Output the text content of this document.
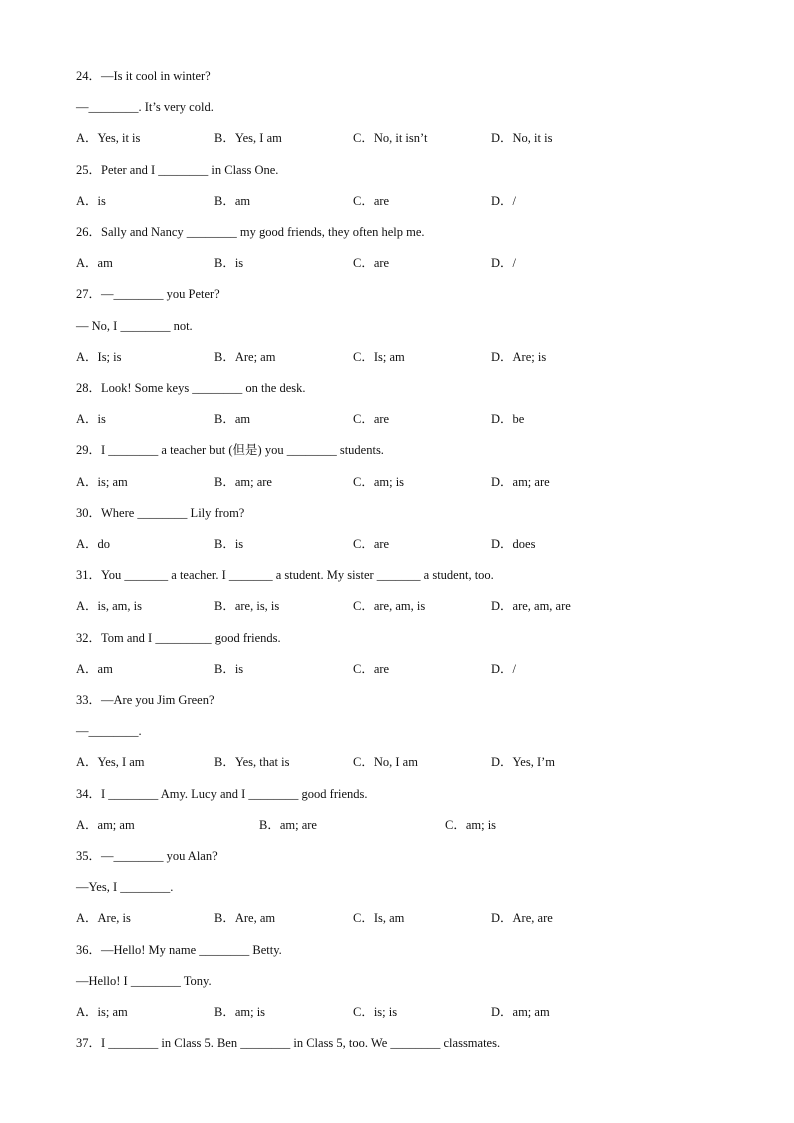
24．—Is it cool in winter?
—________. It’s very cold.
A．Yes, it is	B．Yes, I am	C．No, it isn’t	D．No, it is
25．Peter and I ________ in Class One.
A．is	B．am	C．are	D．/
26．Sally and Nancy ________ my good friends, they often help me.
A．am	B．is	C．are	D．/
27．—________ you Peter?
— No, I ________ not.
A．Is; is	B．Are; am	C．Is; am	D．Are; is
28．Look! Some keys ________ on the desk.
A．is	B．am	C．are	D．be
29．I ________ a teacher but (但是) you ________ students.
A．is; am	B．am; are	C．am; is	D．am; are
30．Where ________ Lily from?
A．do	B．is	C．are	D．does
31．You _______ a teacher. I _______ a student. My sister _______ a student, too.
A．is, am, is	B．are, is, is	C．are, am, is	D．are, am, are
32．Tom and I _________ good friends.
A．am	B．is	C．are	D．/
33．—Are you Jim Green?
—________.
A．Yes, I am	B．Yes, that is	C．No, I am	D．Yes, I’m
34．I ________ Amy. Lucy and I ________ good friends.
A．am; am	B．am; are	C．am; is
35．—________ you Alan?
—Yes, I ________.
A．Are, is	B．Are, am	C．Is, am	D．Are, are
36．—Hello! My name ________ Betty.
—Hello! I ________ Tony.
A．is; am	B．am; is	C．is; is	D．am; am
37．I ________ in Class 5. Ben ________ in Class 5, too. We ________ classmates.
